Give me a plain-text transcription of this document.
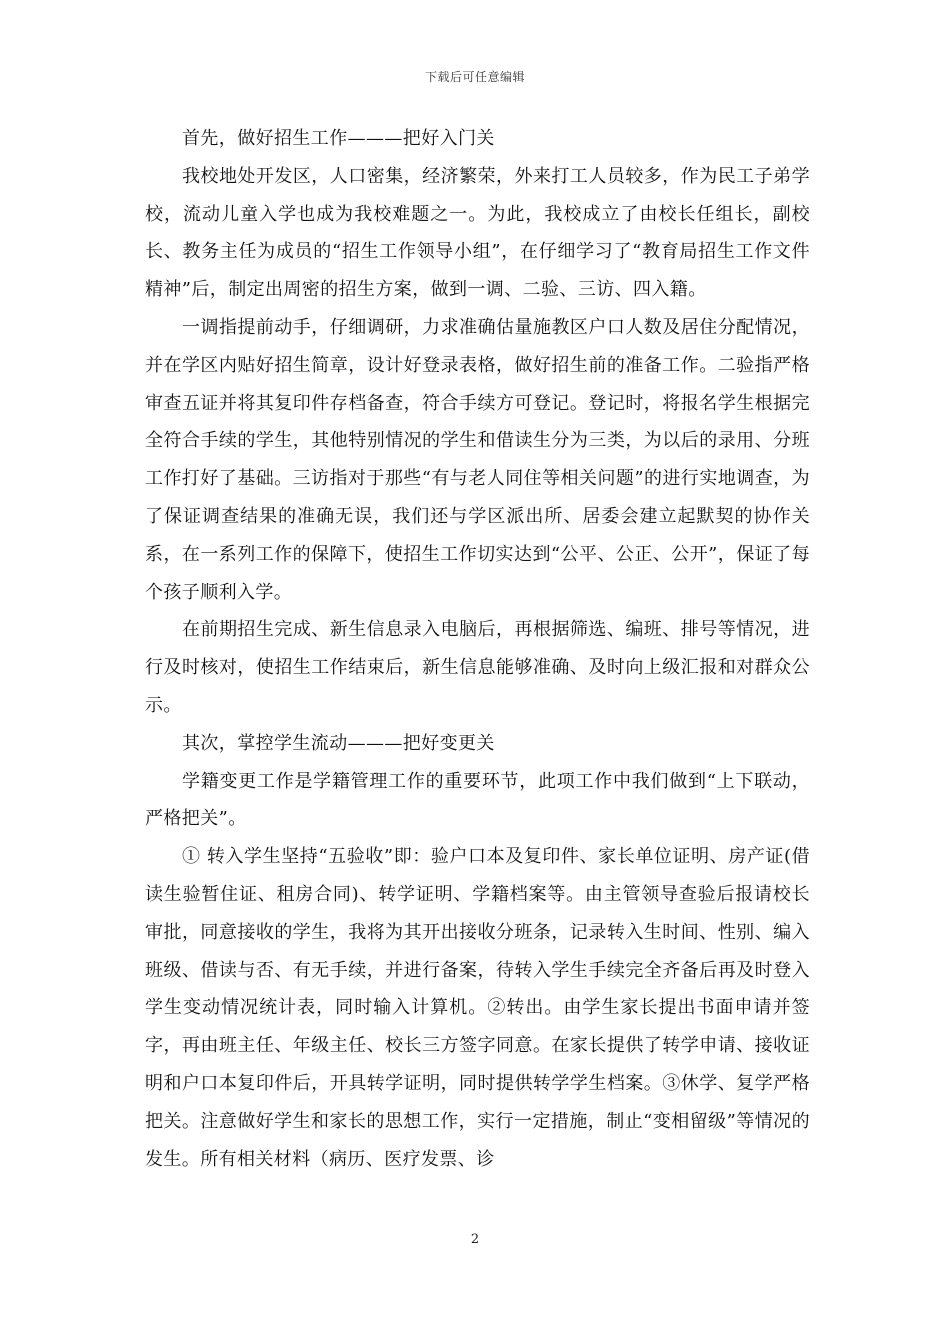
下载后可任意编辑

首先，做好招生工作———把好入门关

我校地处开发区，人口密集，经济繁荣，外来打工人员较多，作为民工子弟学校，流动儿童入学也成为我校难题之一。为此，我校成立了由校长任组长，副校长、教务主任为成员的“招生工作领导小组”，在仔细学习了“教育局招生工作文件精神”后，制定出周密的招生方案，做到一调、二验、三访、四入籍。

一调指提前动手，仔细调研，力求准确估量施教区户口人数及居住分配情况，并在学区内贴好招生简章，设计好登录表格，做好招生前的准备工作。二验指严格审查五证并将其复印件存档备查，符合手续方可登记。登记时，将报名学生根据完全符合手续的学生，其他特别情况的学生和借读生分为三类，为以后的录用、分班工作打好了基础。三访指对于那些“有与老人同住等相关问题”的进行实地调查，为了保证调查结果的准确无误，我们还与学区派出所、居委会建立起默契的协作关系，在一系列工作的保障下，使招生工作切实达到“公平、公正、公开”，保证了每个孩子顺利入学。

在前期招生完成、新生信息录入电脑后，再根据筛选、编班、排号等情况，进行及时核对，使招生工作结束后，新生信息能够准确、及时向上级汇报和对群众公示。

其次，掌控学生流动———把好变更关

学籍变更工作是学籍管理工作的重要环节，此项工作中我们做到“上下联动，严格把关”。

① 转入学生坚持“五验收”即：验户口本及复印件、家长单位证明、房产证(借读生验暂住证、租房合同)、转学证明、学籍档案等。由主管领导查验后报请校长审批，同意接收的学生，我将为其开出接收分班条，记录转入生时间、性别、编入班级、借读与否、有无手续，并进行备案，待转入学生手续完全齐备后再及时登入学生变动情况统计表，同时输入计算机。②转出。由学生家长提出书面申请并签字，再由班主任、年级主任、校长三方签字同意。在家长提供了转学申请、接收证明和户口本复印件后，开具转学证明，同时提供转学学生档案。③休学、复学严格把关。注意做好学生和家长的思想工作，实行一定措施，制止“变相留级”等情况的发生。所有相关材料（病历、医疗发票、诊

2
